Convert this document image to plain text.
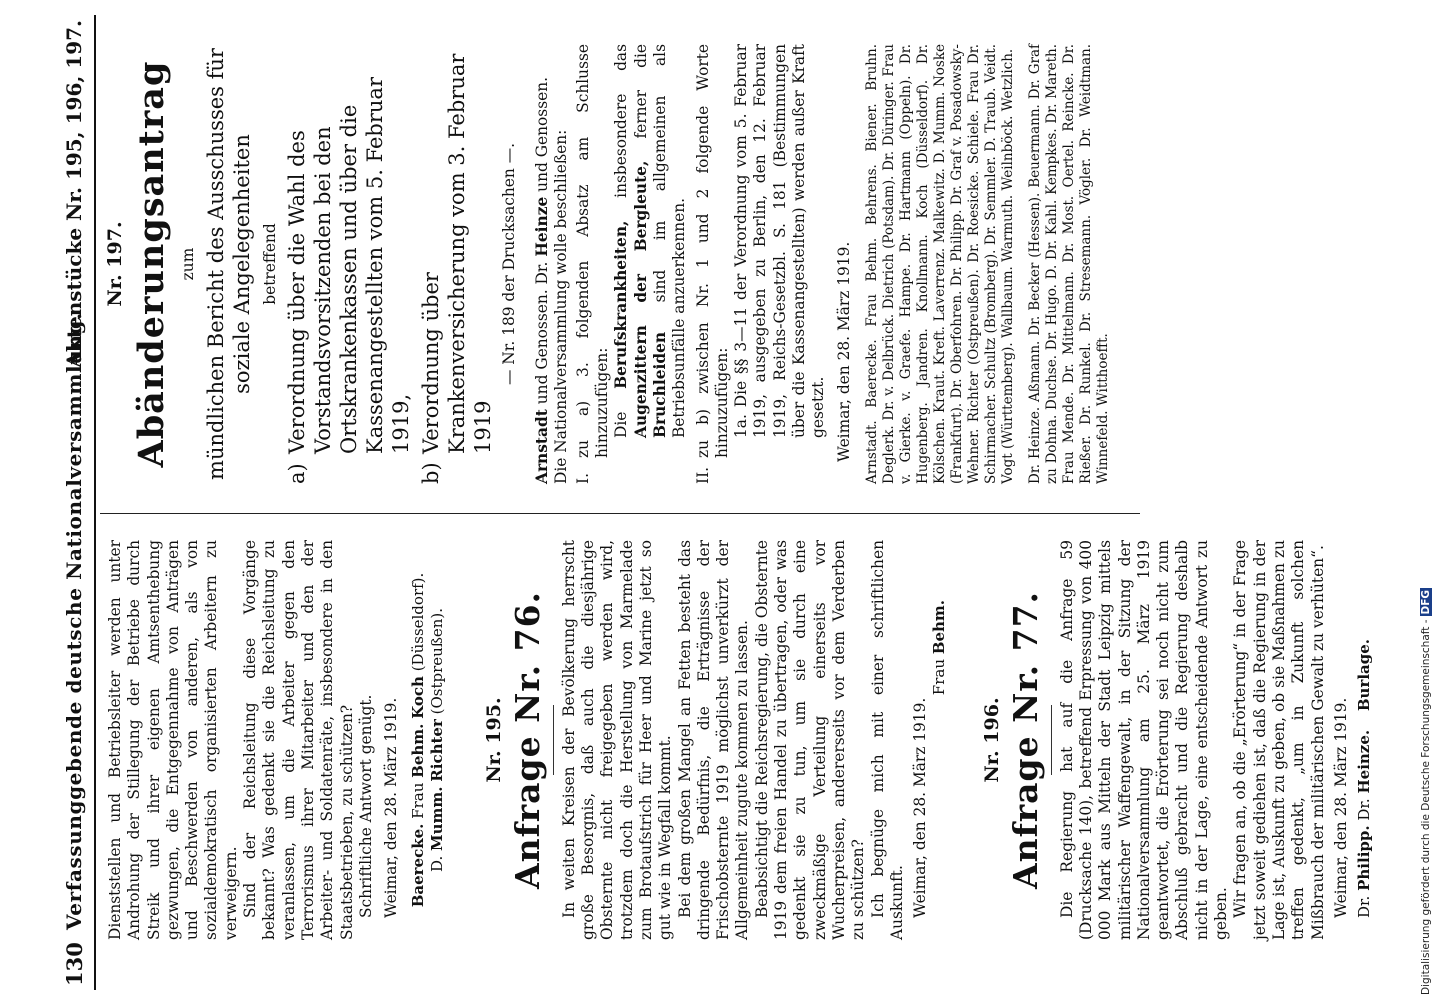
130
Verfassunggebende deutsche Nationalversammlung.
Aktenstücke Nr. 195, 196, 197.

Dienststellen und Betriebsleiter werden unter Androhung der Stillegung der Betriebe durch Streik und ihrer eigenen Amtsenthebung gezwungen, die Entgegennahme von Anträgen und Beschwerden von anderen, als von sozialdemokratisch organisierten Arbeitern zu verweigern. Sind der Reichsleitung diese Vorgänge bekannt? Was gedenkt sie die Reichsleitung zu veranlassen, um die Arbeiter gegen den Terrorismus ihrer Mitarbeiter und den der Arbeiter- und Soldatenräte, insbesondere in den Staatsbetrieben, zu schützen? Schriftliche Antwort genügt. Weimar, den 28. März 1919. Baerecke. Frau Behm. Koch (Düsseldorf).
D. Mumm. Richter (Ostpreußen).
Nr. 195. Anfrage Nr. 76. In weiten Kreisen der Bevölkerung herrscht große Besorgnis, daß auch die diesjährige Obsternte nicht freigegeben werden wird, trotzdem doch die Herstellung von Marmelade zum Brotaufstrich für Heer und Marine jetzt so gut wie in Wegfall kommt. Bei dem großen Mangel an Fetten besteht das dringende Bedürfnis, die Erträgnisse der Frischobsternte 1919 möglichst unverkürzt der Allgemeinheit zugute kommen zu lassen. Beabsichtigt die Reichsregierung, die Obsternte 1919 dem freien Handel zu übertragen, oder was gedenkt sie zu tun, um sie durch eine zweckmäßige Verteilung einerseits vor Wucherpreisen, andererseits vor dem Verderben zu schützen? Ich begnüge mich mit einer schriftlichen Auskunft. Weimar, den 28. März 1919.

Frau Behm.
Nr. 196. Anfrage Nr. 77. Die Regierung hat auf die Anfrage 59 (Drucksache 140), betreffend Erpressung von 400 000 Mark aus Mitteln der Stadt Leipzig mittels militärischer Waffengewalt, in der Sitzung der Nationalversammlung am 25. März 1919 geantwortet, die Erörterung sei noch nicht zum Abschluß gebracht und die Regierung deshalb nicht in der Lage, eine entscheidende Antwort zu geben. Wir fragen an, ob die „Erörterung“ in der Frage jetzt soweit gediehen ist, daß die Regierung in der Lage ist, Auskunft zu geben, ob sie Maßnahmen zu treffen gedenkt, „um in Zukunft solchen Mißbrauch der militärischen Gewalt zu verhüten“. Weimar, den 28. März 1919. Dr. Philipp. Dr. Heinze. Burlage.
Nr. 197. Abänderungsantrag zum mündlichen Bericht des Ausschusses für soziale Angelegenheiten betreffend
a)
Verordnung über die Wahl des Vorstandsvorsitzenden bei den Ortskrankenkassen und über die Kassenangestellten vom 5. Februar 1919,
b)
Verordnung über Krankenversicherung vom 3. Februar 1919
— Nr. 189 der Drucksachen —.

Arnstadt und Genossen. Dr. Heinze und Genossen. Die Nationalversammlung wolle beschließen: I.

zu a) 3. folgenden Absatz am Schlusse hinzuzufügen: Die Berufskrankheiten, insbesondere das Augenzittern der Bergleute, ferner die Bruchleiden sind im allgemeinen als Betriebsunfälle anzuerkennen.

II.

zu b) zwischen Nr. 1 und 2 folgende Worte hinzuzufügen: 1a. Die §§ 3—11 der Verordnung vom 5. Februar 1919, ausgegeben zu Berlin, den 12. Februar 1919, Reichs-Gesetzbl. S. 181 (Bestimmungen über die Kassenangestellten) werden außer Kraft gesetzt. Weimar, den 28. März 1919. Arnstadt. Baerecke. Frau Behm. Behrens. Biener. Bruhn. Deglerk. Dr. v. Delbrück. Dietrich (Potsdam). Dr. Düringer. Frau v. Gierke. v. Graefe. Hampe. Dr. Hartmann (Oppeln). Dr. Hugenberg. Jandren. Knollmann. Koch (Düsseldorf). Dr. Kölschen. Kraut. Kreft. Laverrenz. Malkewitz. D. Mumm. Noske (Frankfurt). Dr. Oberfohren. Dr. Philipp. Dr. Graf v. Posadowsky-Wehner. Richter (Ostpreußen). Dr. Roesicke. Schiele. Frau Dr. Schirmacher. Schultz (Bromberg). Dr. Semmler. D. Traub. Veidt. Vogt (Württemberg). Wallbaum. Warmuth. Weilnböck. Wetzlich. Dr. Heinze. Aßmann. Dr. Becker (Hessen). Beuermann. Dr. Graf zu Dohna. Duchse. Dr. Hugo. D. Dr. Kahl. Kempkes. Dr. Mareth. Frau Mende. Dr. Mittelmann. Dr. Most. Oertel. Reincke. Dr. Rießer. Dr. Runkel. Dr. Stresemann. Vögler. Dr. Weidtman. Winnefeld. Witthoefft.

Digitalisierung gefördert durch die Deutsche Forschungsgemeinschaft -DFG
